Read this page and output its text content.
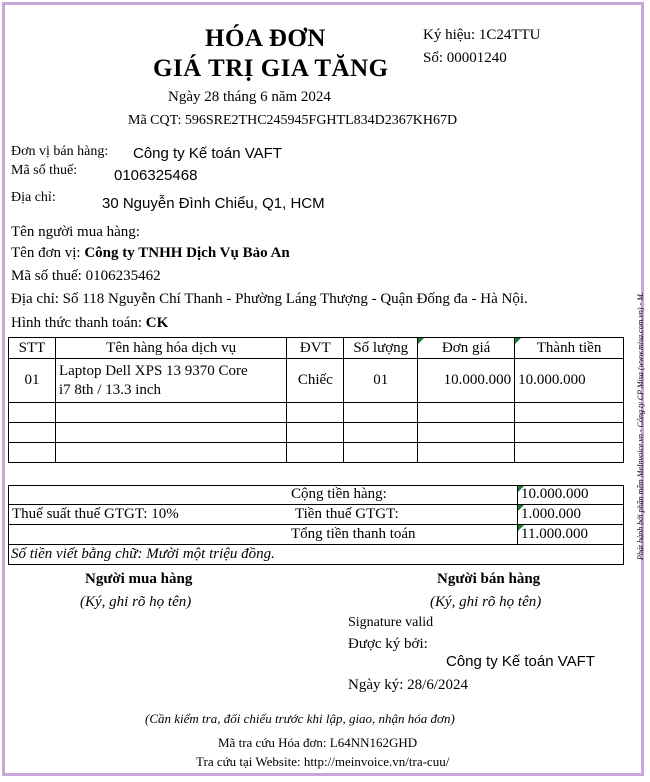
HÓA ĐƠN
GIÁ TRỊ GIA TĂNG
Ngày 28 tháng 6 năm 2024
Mã CQT: 596SRE2THC245945FGHTL834D2367KH67D
Ký hiệu: 1C24TTU
Số: 00001240
Đơn vị bán hàng: Công ty Kế toán VAFT
Mã số thuế: 0106325468
Địa chỉ:	30 Nguyễn Đình Chiểu, Q1, HCM
Tên người mua hàng:
Tên đơn vị: Công ty TNHH Dịch Vụ Bảo An
Mã số thuế: 0106235462
Địa chỉ: Số 118 Nguyễn Chí Thanh - Phường Láng Thượng - Quận Đống đa - Hà Nội.
Hình thức thanh toán: CK
STT	Tên hàng hóa dịch vụ	ĐVT	Số lượng	Đơn giá	Thành tiền
01	Laptop Dell XPS 13 9370 Core
i7 8th / 13.3 inch	Chiếc	01	10.000.000	10.000.000

Cộng tiền hàng:	10.000.000
Thuế suất thuế GTGT: 10%	Tiền thuế GTGT:	1.000.000
Tổng tiền thanh toán	11.000.000
Số tiền viết bằng chữ: Mười một triệu đồng.
Người mua hàng
(Ký, ghi rõ họ tên)
Người bán hàng
(Ký, ghi rõ họ tên)
Signature valid
Được ký bởi:
Công ty Kế toán VAFT
Ngày ký: 28/6/2024
(Cần kiểm tra, đối chiếu trước khi lập, giao, nhận hóa đơn)
Mã tra cứu Hóa đơn: L64NN162GHD
Tra cứu tại Website: http://meinvoice.vn/tra-cuu/
Phát hành bởi phần mềm MeInvoice.vn - Công ty CP Misa (www.misa.com.vn) - M.
